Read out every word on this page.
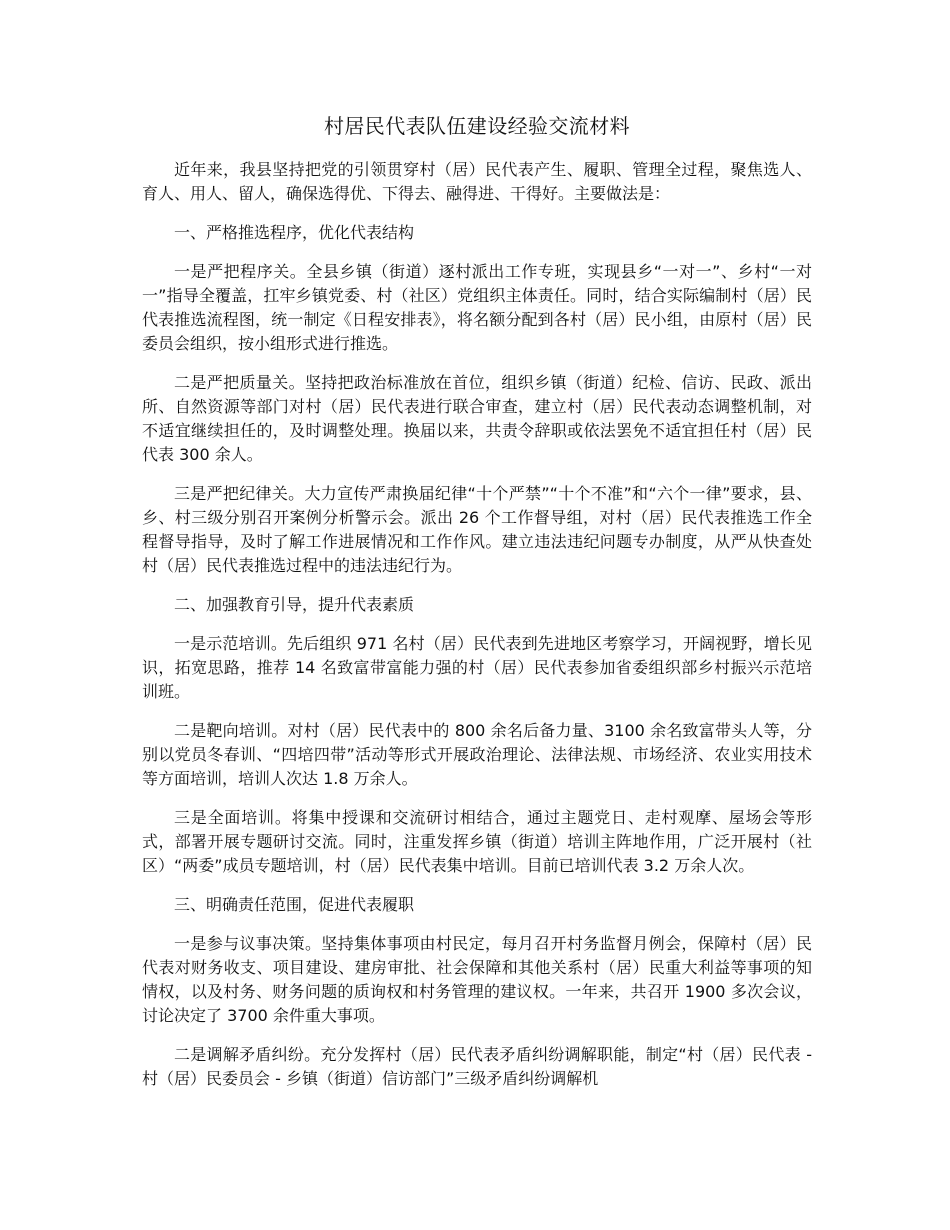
村居民代表队伍建设经验交流材料

近年来，我县坚持把党的引领贯穿村（居）民代表产生、履职、管理全过程，聚焦选人、育人、用人、留人，确保选得优、下得去、融得进、干得好。主要做法是：

一、严格推选程序，优化代表结构

一是严把程序关。全县乡镇（街道）逐村派出工作专班，实现县乡“一对一”、乡村“一对一”指导全覆盖，扛牢乡镇党委、村（社区）党组织主体责任。同时，结合实际编制村（居）民代表推选流程图，统一制定《日程安排表》，将名额分配到各村（居）民小组，由原村（居）民委员会组织，按小组形式进行推选。

二是严把质量关。坚持把政治标准放在首位，组织乡镇（街道）纪检、信访、民政、派出所、自然资源等部门对村（居）民代表进行联合审查，建立村（居）民代表动态调整机制，对不适宜继续担任的，及时调整处理。换届以来，共责令辞职或依法罢免不适宜担任村（居）民代表 300 余人。

三是严把纪律关。大力宣传严肃换届纪律“十个严禁”“十个不准”和“六个一律”要求，县、乡、村三级分别召开案例分析警示会。派出 26 个工作督导组，对村（居）民代表推选工作全程督导指导，及时了解工作进展情况和工作作风。建立违法违纪问题专办制度，从严从快查处村（居）民代表推选过程中的违法违纪行为。

二、加强教育引导，提升代表素质

一是示范培训。先后组织 971 名村（居）民代表到先进地区考察学习，开阔视野，增长见识，拓宽思路，推荐 14 名致富带富能力强的村（居）民代表参加省委组织部乡村振兴示范培训班。

二是靶向培训。对村（居）民代表中的 800 余名后备力量、3100 余名致富带头人等，分别以党员冬春训、“四培四带”活动等形式开展政治理论、法律法规、市场经济、农业实用技术等方面培训，培训人次达 1.8 万余人。

三是全面培训。将集中授课和交流研讨相结合，通过主题党日、走村观摩、屋场会等形式，部署开展专题研讨交流。同时，注重发挥乡镇（街道）培训主阵地作用，广泛开展村（社区）“两委”成员专题培训，村（居）民代表集中培训。目前已培训代表 3.2 万余人次。

三、明确责任范围，促进代表履职

一是参与议事决策。坚持集体事项由村民定，每月召开村务监督月例会，保障村（居）民代表对财务收支、项目建设、建房审批、社会保障和其他关系村（居）民重大利益等事项的知情权，以及村务、财务问题的质询权和村务管理的建议权。一年来，共召开 1900 多次会议，讨论决定了 3700 余件重大事项。

二是调解矛盾纠纷。充分发挥村（居）民代表矛盾纠纷调解职能，制定“村（居）民代表 - 村（居）民委员会 - 乡镇（街道）信访部门”三级矛盾纠纷调解机
